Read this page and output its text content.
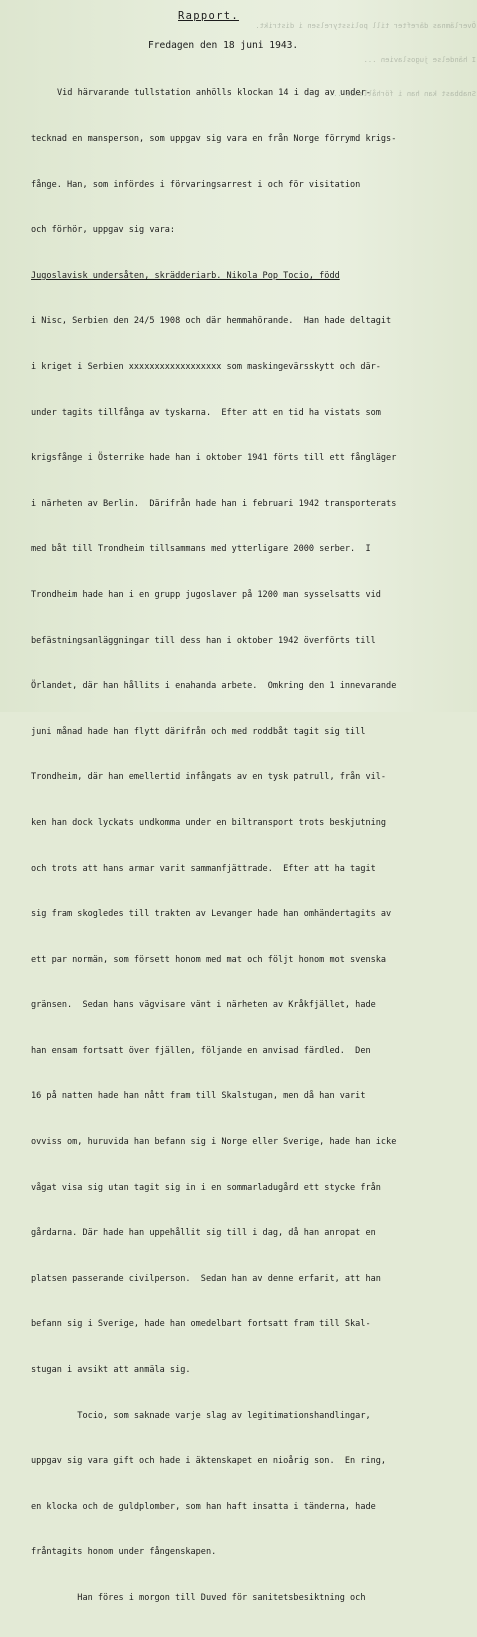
Överlämnas därefter till polisstyrelsen i distrikt.

I händelse jugoslavien ...

Snabbast kan han i förhållande ...

Rapport.
Fredagen den 18 juni 1943.

Vid härvarande tullstation anhölls klockan 14 i dag av under-

tecknad en mansperson, som uppgav sig vara en från Norge förrymd krigs-

fånge. Han, som infördes i förvaringsarrest i och för visitation

och förhör, uppgav sig vara:

Jugoslavisk undersåten, skrädderiarb. Nikola Pop Tocio, född

i Nisc, Serbien den 24/5 1908 och där hemmahörande.  Han hade deltagit

i kriget i Serbien xxxxxxxxxxxxxxxxxx som maskingevärsskytt och där-

under tagits tillfånga av tyskarna.  Efter att en tid ha vistats som

krigsfånge i Österrike hade han i oktober 1941 förts till ett fångläger

i närheten av Berlin.  Därifrån hade han i februari 1942 transporterats

med båt till Trondheim tillsammans med ytterligare 2000 serber.  I

Trondheim hade han i en grupp jugoslaver på 1200 man sysselsatts vid

befästningsanläggningar till dess han i oktober 1942 överförts till

Örlandet, där han hållits i enahanda arbete.  Omkring den 1 innevarande

juni månad hade han flytt därifrån och med roddbåt tagit sig till

Trondheim, där han emellertid infångats av en tysk patrull, från vil-

ken han dock lyckats undkomma under en biltransport trots beskjutning

och trots att hans armar varit sammanfjättrade.  Efter att ha tagit

sig fram skogledes till trakten av Levanger hade han omhändertagits av

ett par normän, som försett honom med mat och följt honom mot svenska

gränsen.  Sedan hans vägvisare vänt i närheten av Kråkfjället, hade

han ensam fortsatt över fjällen, följande en anvisad färdled.  Den

16 på natten hade han nått fram till Skalstugan, men då han varit

ovviss om, huruvida han befann sig i Norge eller Sverige, hade han icke

vågat visa sig utan tagit sig in i en sommarladugård ett stycke från

gårdarna. Där hade han uppehållit sig till i dag, då han anropat en

platsen passerande civilperson.  Sedan han av denne erfarit, att han

befann sig i Sverige, hade han omedelbart fortsatt fram till Skal-

stugan i avsikt att anmäla sig.

Tocio, som saknade varje slag av legitimationshandlingar,

uppgav sig vara gift och hade i äktenskapet en nioårig son.  En ring,

en klocka och de guldplomber, som han haft insatta i tänderna, hade

fråntagits honom under fångenskapen.

Han föres i morgon till Duved för sanitetsbesiktning och
